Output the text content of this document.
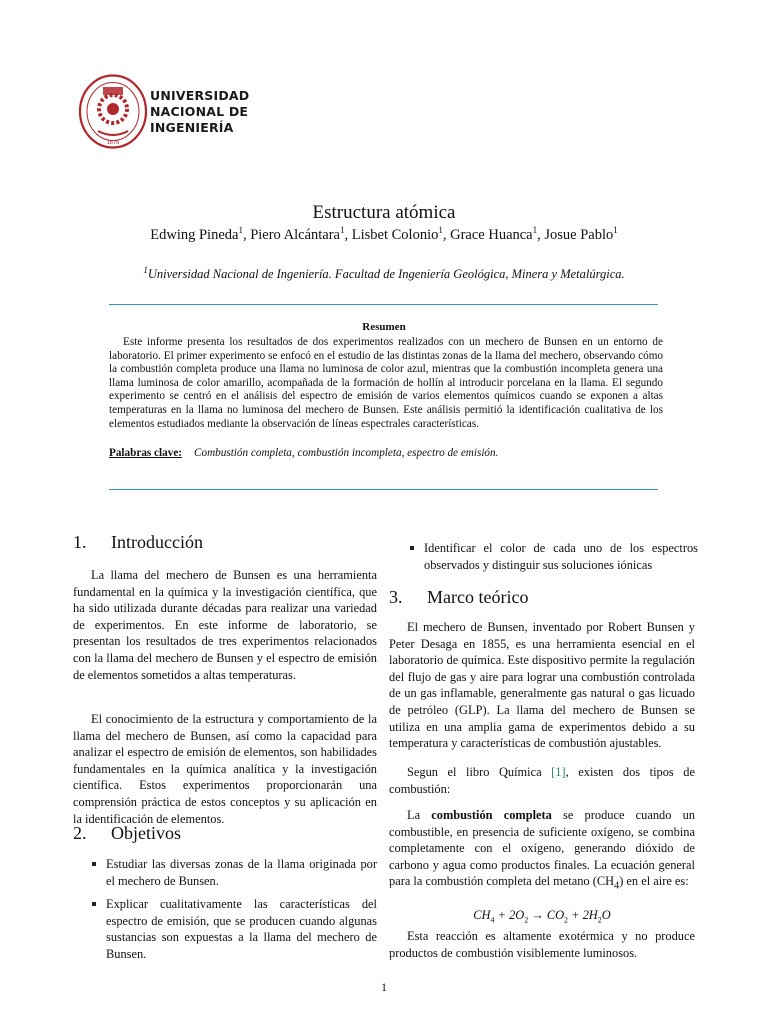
1876
UNIVERSIDAD
NACIONAL DE
INGENIERÍA
Estructura atómica
Edwing Pineda$^1$, Piero Alcántara$^1$, Lisbet Colonio$^1$, Grace Huanca$^1$, Josue Pablo$^1$
$^1$Universidad Nacional de Ingeniería. Facultad de Ingeniería Geológica, Minera y Metalúrgica.
Resumen
Este informe presenta los resultados de dos experimentos realizados con un mechero de Bunsen en un entorno de laboratorio. El primer experimento se enfocó en el estudio de las distintas zonas de la llama del mechero, observando cómo la combustión completa produce una llama no luminosa de color azul, mientras que la combustión incompleta genera una llama luminosa de color amarillo, acompañada de la formación de hollín al introducir porcelana en la llama. El segundo experimento se centró en el análisis del espectro de emisión de varios elementos químicos cuando se exponen a altas temperaturas en la llama no luminosa del mechero de Bunsen. Este análisis permitió la identificación cualitativa de los elementos estudiados mediante la observación de líneas espectrales características.
Palabras clave: Combustión completa, combustión incompleta, espectro de emisión.
1. Introducción
La llama del mechero de Bunsen es una herramienta fundamental en la química y la investigación científica, que ha sido utilizada durante décadas para realizar una variedad de experimentos. En este informe de laboratorio, se presentan los resultados de tres experimentos relacionados con la llama del mechero de Bunsen y el espectro de emisión de elementos sometidos a altas temperaturas.
El conocimiento de la estructura y comportamiento de la llama del mechero de Bunsen, así como la capacidad para analizar el espectro de emisión de elementos, son habilidades fundamentales en la química analítica y la investigación científica. Estos experimentos proporcionarán una comprensión práctica de estos conceptos y su aplicación en la identificación de elementos.
2. Objetivos
Estudiar las diversas zonas de la llama originada por el mechero de Bunsen.
Explicar cualitativamente las características del espectro de emisión, que se producen cuando algunas sustancias son expuestas a la llama del mechero de Bunsen.
Identificar el color de cada uno de los espectros observados y distinguir sus soluciones iónicas
3. Marco teórico
El mechero de Bunsen, inventado por Robert Bunsen y Peter Desaga en 1855, es una herramienta esencial en el laboratorio de química. Este dispositivo permite la regulación del flujo de gas y aire para lograr una combustión controlada de un gas inflamable, generalmente gas natural o gas licuado de petróleo (GLP). La llama del mechero de Bunsen se utiliza en una amplia gama de experimentos debido a su temperatura y características de combustión ajustables.
Segun el libro Química [1], existen dos tipos de combustión:
La combustión completa se produce cuando un combustible, en presencia de suficiente oxígeno, se combina completamente con el oxígeno, generando dióxido de carbono y agua como productos finales. La ecuación general para la combustión completa del metano $(CH_4)$ en el aire es:
$CH_4 + 2O_2 \to CO_2 + 2H_2O$
Esta reacción es altamente exotérmica y no produce productos de combustión visiblemente luminosos.
1
